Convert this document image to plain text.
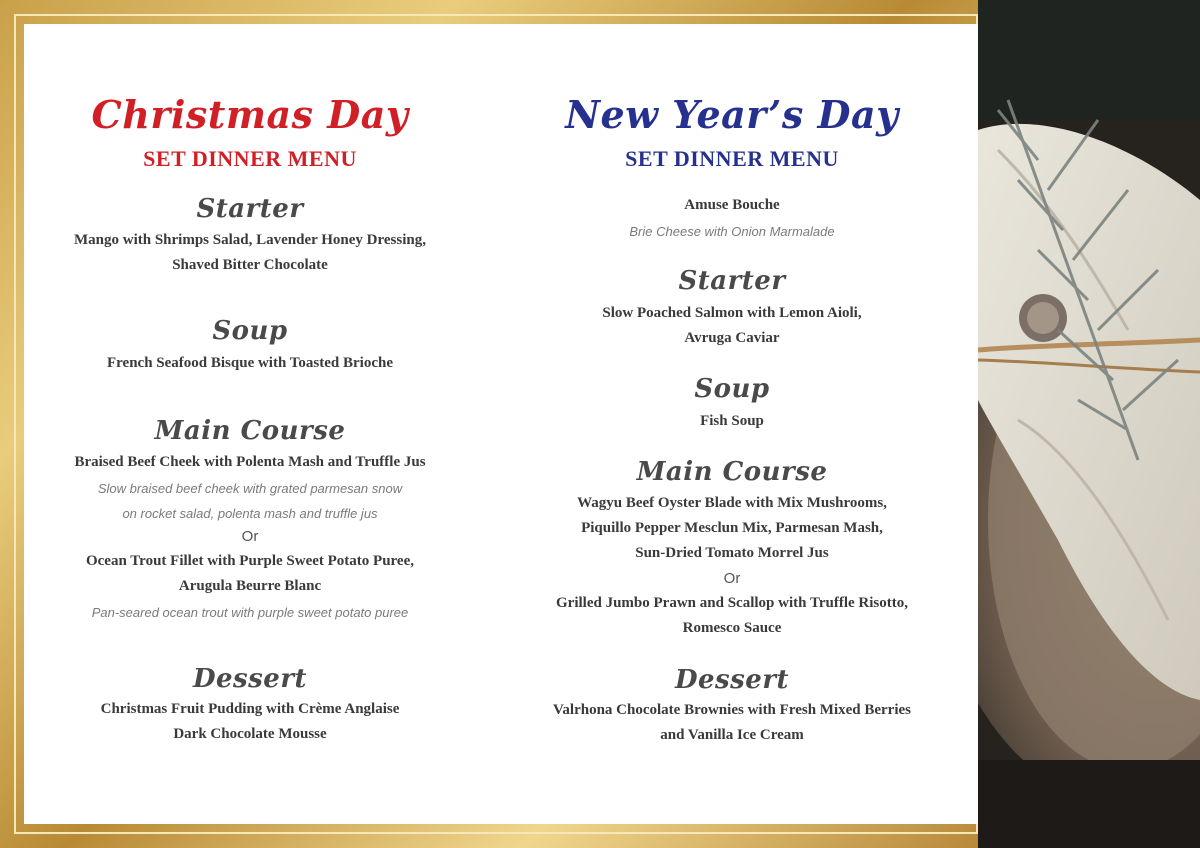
Christmas Day
SET DINNER MENU
Starter
Mango with Shrimps Salad, Lavender Honey Dressing,
Shaved Bitter Chocolate
Soup
French Seafood Bisque with Toasted Brioche
Main Course
Braised Beef Cheek with Polenta Mash and Truffle Jus
Slow braised beef cheek with grated parmesan snow
on rocket salad, polenta mash and truffle jus
Or
Ocean Trout Fillet with Purple Sweet Potato Puree,
Arugula Beurre Blanc
Pan-seared ocean trout with purple sweet potato puree
Dessert
Christmas Fruit Pudding with Crème Anglaise
Dark Chocolate Mousse
New Year’s Day
SET DINNER MENU
Amuse Bouche
Brie Cheese with Onion Marmalade
Starter
Slow Poached Salmon with Lemon Aioli,
Avruga Caviar
Soup
Fish Soup
Main Course
Wagyu Beef Oyster Blade with Mix Mushrooms,
Piquillo Pepper Mesclun Mix, Parmesan Mash,
Sun-Dried Tomato Morrel Jus
Or
Grilled Jumbo Prawn and Scallop with Truffle Risotto,
Romesco Sauce
Dessert
Valrhona Chocolate Brownies with Fresh Mixed Berries
and Vanilla Ice Cream
